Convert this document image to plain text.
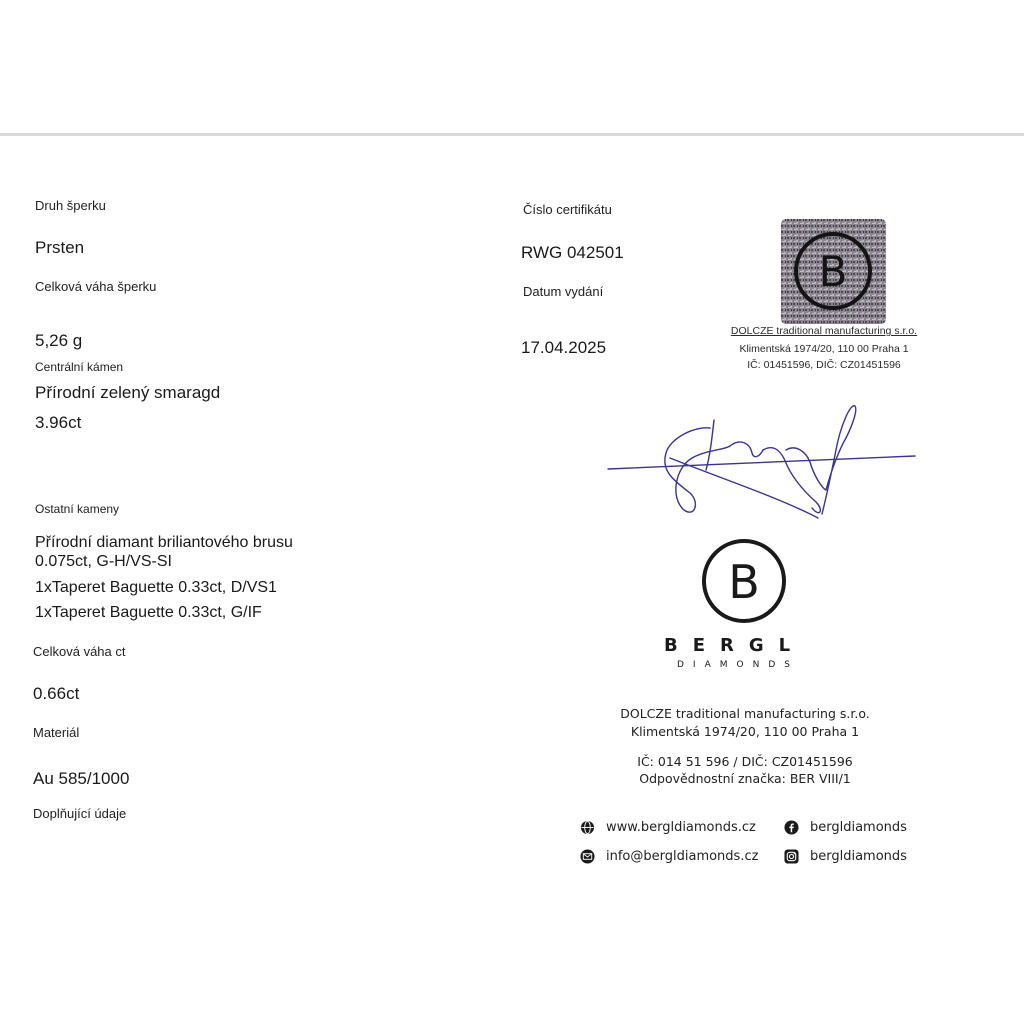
Druh šperku
Prsten
Celková váha šperku
5,26 g
Centrální kámen
Přírodní zelený smaragd
3.96ct
Ostatní kameny
Přírodní diamant briliantového brusu
0.075ct, G-H/VS-SI
1xTaperet Baguette 0.33ct, D/VS1
1xTaperet Baguette 0.33ct, G/IF
Celková váha ct
0.66ct
Materiál
Au 585/1000
Doplňující údaje
Číslo certifikátu
RWG 042501
Datum vydání
17.04.2025
B
DOLCZE traditional manufacturing s.r.o.
Klimentská 1974/20, 110 00 Praha 1
IČ: 01451596, DIČ: CZ01451596
B
BERGL
DIAMONDS
DOLCZE traditional manufacturing s.r.o.
Klimentská 1974/20, 110 00 Praha 1
IČ: 014 51 596 / DIČ: CZ01451596
Odpovědnostní značka: BER VIII/1
www.bergldiamonds.cz
info@bergldiamonds.cz
bergldiamonds
bergldiamonds
